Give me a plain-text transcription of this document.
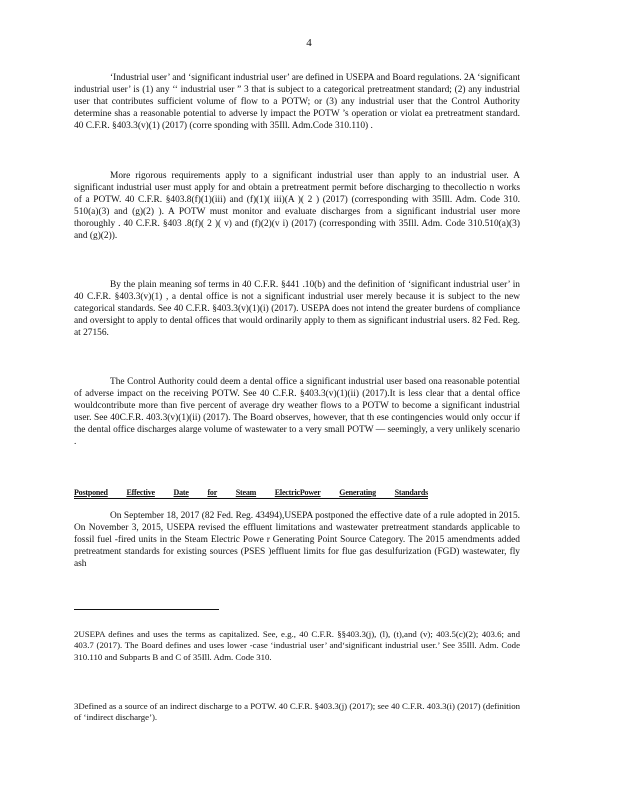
4

‘Industrial user’ and ‘significant industrial user’ are defined in USEPA and Board regulations. 2A ‘significant industrial user’ is (1) any ‘‘ industrial user ” 3 that is subject to a categorical pretreatment standard; (2) any industrial user that contributes sufficient volume of flow to a POTW; or (3) any industrial user that the Control Authority determine shas a reasonable potential to adverse ly impact the POTW ’s operation or violat ea pretreatment standard. 40 C.F.R. §403.3(v)(1) (2017) (corre sponding with 35Ill. Adm.Code 310.110) .

More rigorous requirements apply to a significant industrial user than apply to an industrial user. A significant industrial user must apply for and obtain a pretreatment permit before discharging to thecollectio n works of a POTW. 40 C.F.R. §403.8(f)(1)(iii) and (f)(1)( iii)(A )( 2 ) (2017) (corresponding with 35Ill. Adm. Code 310. 510(a)(3) and (g)(2) ). A POTW must monitor and evaluate discharges from a significant industrial user more thoroughly . 40 C.F.R. §403 .8(f)( 2 )( v) and (f)(2)(v i) (2017) (corresponding with 35Ill. Adm. Code 310.510(a)(3) and (g)(2)).

By the plain meaning sof terms in 40 C.F.R. §441 .10(b) and the definition of ‘significant industrial user’ in 40 C.F.R. §403.3(v)(1) , a dental office is not a significant industrial user merely because it is subject to the new categorical standards. See 40 C.F.R. §403.3(v)(1)(i) (2017). USEPA does not intend the greater burdens of compliance and oversight to apply to dental offices that would ordinarily apply to them as significant industrial users. 82 Fed. Reg. at 27156.

The Control Authority could deem a dental office a significant industrial user based ona reasonable potential of adverse impact on the receiving POTW. See 40 C.F.R. §403.3(v)(1)(ii) (2017).It is less clear that a dental office wouldcontribute more than five percent of average dry weather flows to a POTW to become a significant industrial user. See 40C.F.R. 403.3(v)(1)(ii) (2017). The Board observes, however, that th ese contingencies would only occur if the dental office discharges alarge volume of wastewater to a very small POTW — seemingly, a very unlikely scenario .

Postponed Effective Date for Steam ElectricPower Generating Standards

On September 18, 2017 (82 Fed. Reg. 43494),USEPA postponed the effective date of a rule adopted in 2015. On November 3, 2015, USEPA revised the effluent limitations and wastewater pretreatment standards applicable to fossil fuel -fired units in the Steam Electric Powe r Generating Point Source Category. The 2015 amendments added pretreatment standards for existing sources (PSES )effluent limits for flue gas desulfurization (FGD) wastewater, fly ash

2USEPA defines and uses the terms as capitalized. See, e.g., 40 C.F.R. §§403.3(j), (l), (t),and (v); 403.5(c)(2); 403.6; and 403.7 (2017). The Board defines and uses lower -case ‘industrial user’ and‘significant industrial user.’ See 35Ill. Adm. Code 310.110 and Subparts B and C of 35Ill. Adm. Code 310.

3Defined as a source of an indirect discharge to a POTW. 40 C.F.R. §403.3(j) (2017); see 40 C.F.R. 403.3(i) (2017) (definition of ‘indirect discharge’).
